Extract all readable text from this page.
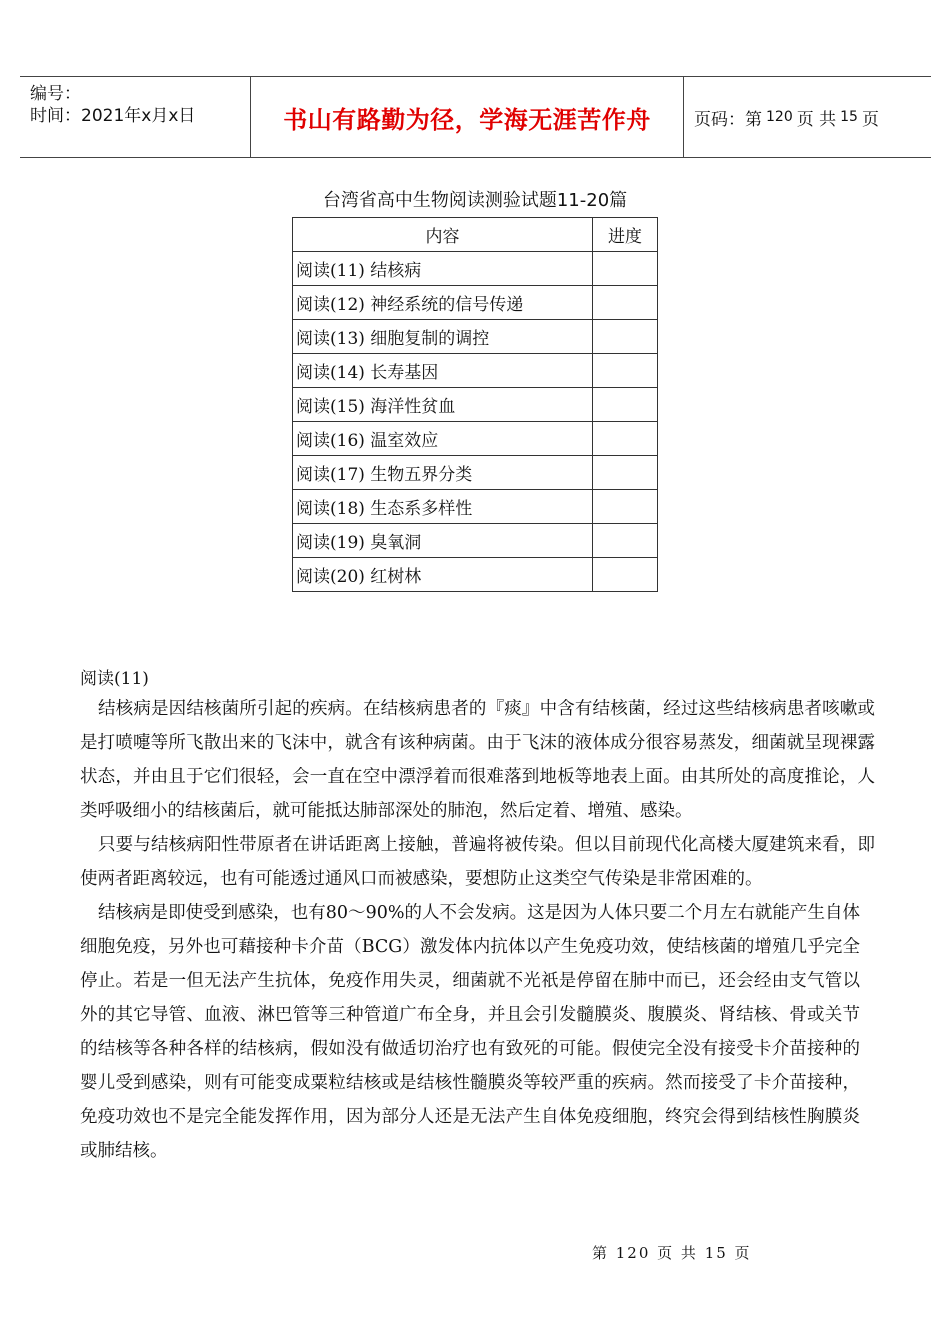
编号：
时间：2021年x月x日	书山有路勤为径，学海无涯苦作舟	页码：第 120 页 共 15 页
台湾省高中生物阅读测验试题11-20篇
内容	进度
阅读(11) 结核病	
阅读(12) 神经系统的信号传递	
阅读(13) 细胞复制的调控	
阅读(14) 长寿基因	
阅读(15) 海洋性贫血	
阅读(16) 温室效应	
阅读(17) 生物五界分类	
阅读(18) 生态系多样性	
阅读(19) 臭氧洞	
阅读(20) 红树林	
阅读(11)

结核病是因结核菌所引起的疾病。在结核病患者的『痰』中含有结核菌，经过这些结核病患者咳嗽或是打喷嚏等所飞散出来的飞沫中，就含有该种病菌。由于飞沫的液体成分很容易蒸发，细菌就呈现裸露状态，并由且于它们很轻，会一直在空中漂浮着而很难落到地板等地表上面。由其所处的高度推论，人类呼吸细小的结核菌后，就可能抵达肺部深处的肺泡，然后定着、增殖、感染。

只要与结核病阳性带原者在讲话距离上接触，普遍将被传染。但以目前现代化高楼大厦建筑来看，即使两者距离较远，也有可能透过通风口而被感染，要想防止这类空气传染是非常困难的。

结核病是即使受到感染，也有80～90%的人不会发病。这是因为人体只要二个月左右就能产生自体细胞免疫，另外也可藉接种卡介苗（BCG）激发体内抗体以产生免疫功效，使结核菌的增殖几乎完全停止。若是一但无法产生抗体，免疫作用失灵，细菌就不光祇是停留在肺中而已，还会经由支气管以外的其它导管、血液、淋巴管等三种管道广布全身，并且会引发髓膜炎、腹膜炎、肾结核、骨或关节的结核等各种各样的结核病，假如没有做适切治疗也有致死的可能。假使完全没有接受卡介苗接种的婴儿受到感染，则有可能变成粟粒结核或是结核性髓膜炎等较严重的疾病。然而接受了卡介苗接种，免疫功效也不是完全能发挥作用，因为部分人还是无法产生自体免疫细胞，终究会得到结核性胸膜炎或肺结核。

第 120 页 共 15 页
